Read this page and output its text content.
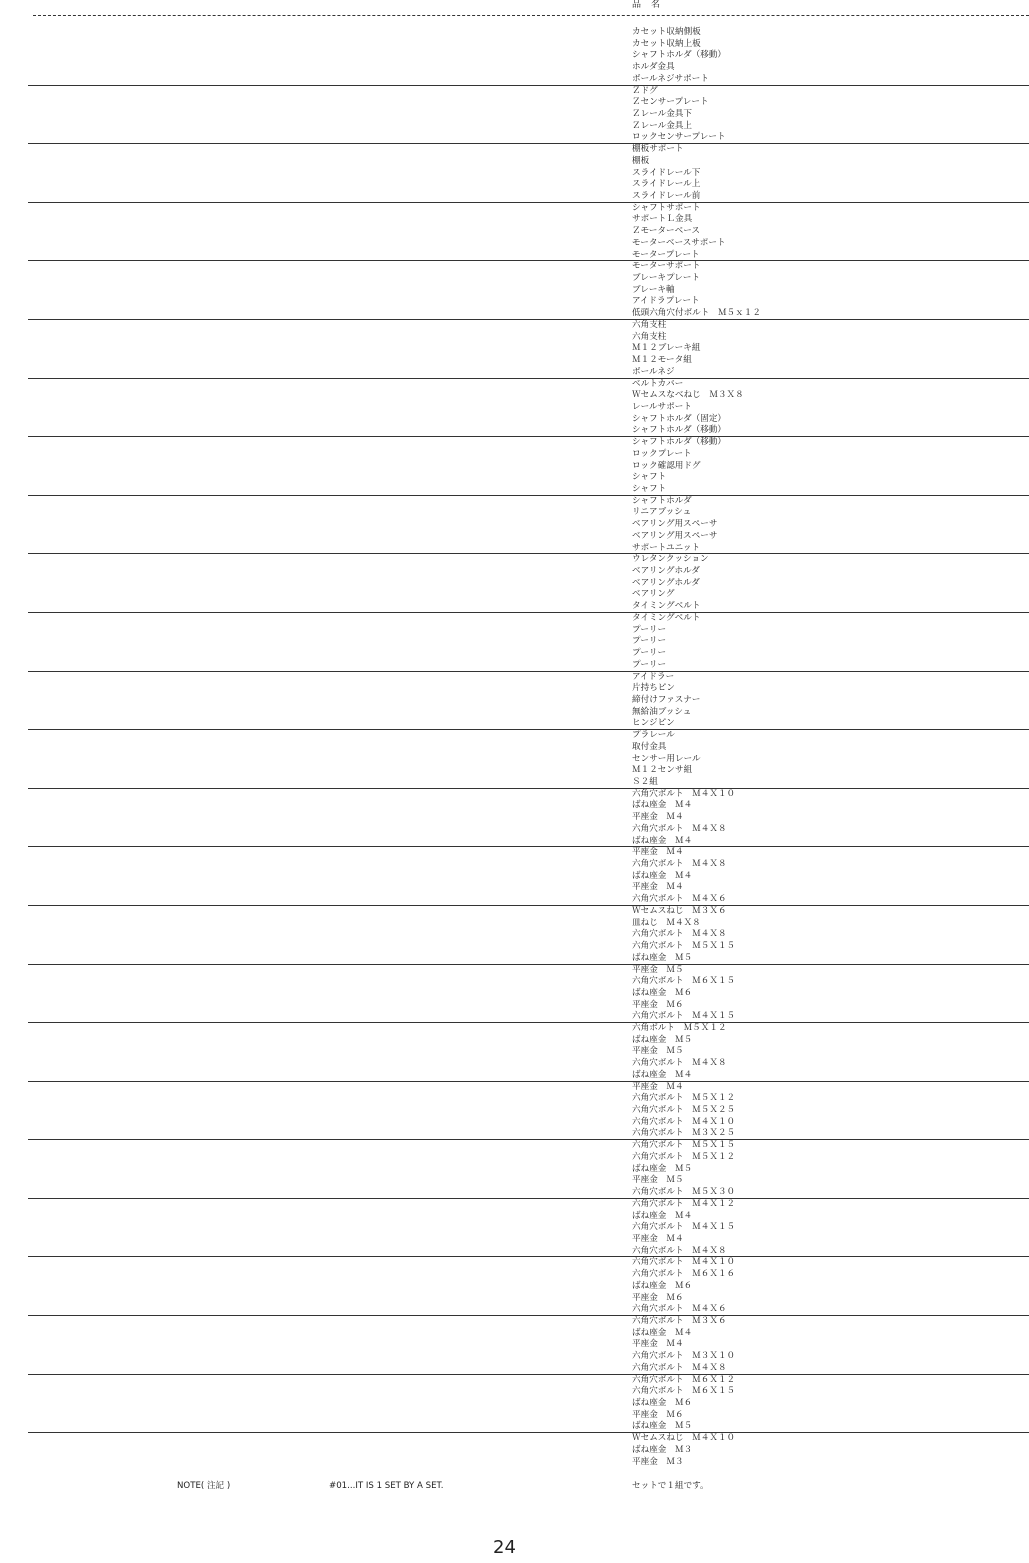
品　名
カセット収納側板
カセット収納上板
シャフトホルダ（移動）
ホルダ金具
ボールネジサポート
Ｚドグ
Ｚセンサープレート
Ｚレール金具下
Ｚレール金具上
ロックセンサープレート
棚板サポート
棚板
スライドレール下
スライドレール上
スライドレール前
シャフトサポート
サポートＬ金具
Ｚモーターベース
モーターベースサポート
モータープレート
モーターサポート
ブレーキプレート
ブレーキ軸
アイドラプレート
低頭六角穴付ボルト　Ｍ５ｘ１２
六角支柱
六角支柱
Ｍ１２ブレーキ組
Ｍ１２モータ組
ボールネジ
ベルトカバー
Ｗセムスなべねじ　Ｍ３Ｘ８
レールサポート
シャフトホルダ（固定）
シャフトホルダ（移動）
シャフトホルダ（移動）
ロックプレート
ロック確認用ドグ
シャフト
シャフト
シャフトホルダ
リニアブッシュ
ベアリング用スペーサ
ベアリング用スペーサ
サポートユニット
ウレタンクッション
ベアリングホルダ
ベアリングホルダ
ベアリング
タイミングベルト
タイミングベルト
プーリー
プーリー
プーリー
プーリー
アイドラー
片持ちピン
締付けファスナー
無給油ブッシュ
ヒンジピン
プラレール
取付金具
センサー用レール
Ｍ１２センサ組
Ｓ２組
六角穴ボルト　Ｍ４Ｘ１０
ばね座金　Ｍ４
平座金　Ｍ４
六角穴ボルト　Ｍ４Ｘ８
ばね座金　Ｍ４
平座金　Ｍ４
六角穴ボルト　Ｍ４Ｘ８
ばね座金　Ｍ４
平座金　Ｍ４
六角穴ボルト　Ｍ４Ｘ６
Ｗセムスねじ　Ｍ３Ｘ６
皿ねじ　Ｍ４Ｘ８
六角穴ボルト　Ｍ４Ｘ８
六角穴ボルト　Ｍ５Ｘ１５
ばね座金　Ｍ５
平座金　Ｍ５
六角穴ボルト　Ｍ６Ｘ１５
ばね座金　Ｍ６
平座金　Ｍ６
六角穴ボルト　Ｍ４Ｘ１５
六角ボルト　Ｍ５Ｘ１２
ばね座金　Ｍ５
平座金　Ｍ５
六角穴ボルト　Ｍ４Ｘ８
ばね座金　Ｍ４
平座金　Ｍ４
六角穴ボルト　Ｍ５Ｘ１２
六角穴ボルト　Ｍ５Ｘ２５
六角穴ボルト　Ｍ４Ｘ１０
六角穴ボルト　Ｍ３Ｘ２５
六角穴ボルト　Ｍ５Ｘ１５
六角穴ボルト　Ｍ５Ｘ１２
ばね座金　Ｍ５
平座金　Ｍ５
六角穴ボルト　Ｍ５Ｘ３０
六角穴ボルト　Ｍ４Ｘ１２
ばね座金　Ｍ４
六角穴ボルト　Ｍ４Ｘ１５
平座金　Ｍ４
六角穴ボルト　Ｍ４Ｘ８
六角穴ボルト　Ｍ４Ｘ１０
六角穴ボルト　Ｍ６Ｘ１６
ばね座金　Ｍ６
平座金　Ｍ６
六角穴ボルト　Ｍ４Ｘ６
六角穴ボルト　Ｍ３Ｘ６
ばね座金　Ｍ４
平座金　Ｍ４
六角穴ボルト　Ｍ３Ｘ１０
六角穴ボルト　Ｍ４Ｘ８
六角穴ボルト　Ｍ６Ｘ１２
六角穴ボルト　Ｍ６Ｘ１５
ばね座金　Ｍ６
平座金　Ｍ６
ばね座金　Ｍ５
Ｗセムスねじ　Ｍ４Ｘ１０
ばね座金　Ｍ３
平座金　Ｍ３
NOTE( 注記 )	#01...IT IS 1 SET BY A SET.	セットで１組です。
24
